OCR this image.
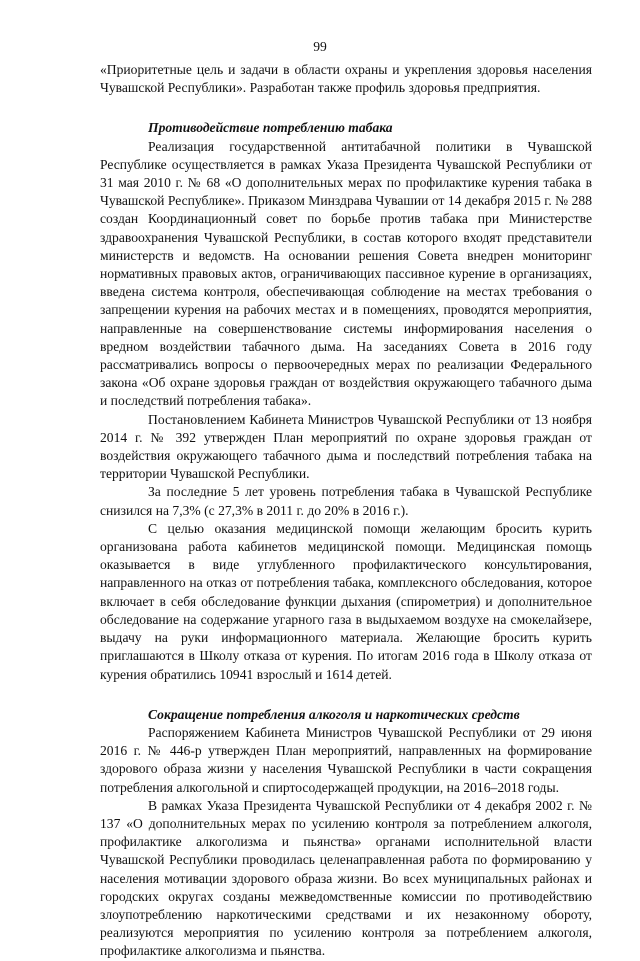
99

«Приоритетные цель и задачи в области охраны и укрепления здоровья населения Чувашской Республики». Разработан также профиль здоровья предприятия.

Противодействие потреблению табака

Реализация государственной антитабачной политики в Чувашской Республике осуществляется в рамках Указа Президента Чувашской Республики от 31 мая 2010 г. № 68 «О дополнительных мерах по профилактике курения табака в Чувашской Республике». Приказом Минздрава Чувашии от 14 декабря 2015 г. № 288 создан Координационный совет по борьбе против табака при Министерстве здравоохранения Чувашской Республики, в состав которого входят представители министерств и ведомств. На основании решения Совета внедрен мониторинг нормативных правовых актов, ограничивающих пассивное курение в организациях, введена система контроля, обеспечивающая соблюдение на местах требования о запрещении курения на рабочих местах и в помещениях, проводятся мероприятия, направленные на совершенствование системы информирования населения о вредном воздействии табачного дыма. На заседаниях Совета в 2016 году рассматривались вопросы о первоочередных мерах по реализации Федерального закона «Об охране здоровья граждан от воздействия окружающего табачного дыма и последствий потребления табака».

Постановлением Кабинета Министров Чувашской Республики от 13 ноября 2014 г. № 392 утвержден План мероприятий по охране здоровья граждан от воздействия окружающего табачного дыма и последствий потребления табака на территории Чувашской Республики.

За последние 5 лет уровень потребления табака в Чувашской Республике снизился на 7,3% (с 27,3% в 2011 г. до 20% в 2016 г.).

С целью оказания медицинской помощи желающим бросить курить организована работа кабинетов медицинской помощи. Медицинская помощь оказывается в виде углубленного профилактического консультирования, направленного на отказ от потребления табака, комплексного обследования, которое включает в себя обследование функции дыхания (спирометрия) и дополнительное обследование на содержание угарного газа в выдыхаемом воздухе на смокелайзере, выдачу на руки информационного материала. Желающие бросить курить приглашаются в Школу отказа от курения. По итогам 2016 года в Школу отказа от курения обратились 10941 взрослый и 1614 детей.

Сокращение потребления алкоголя и наркотических средств

Распоряжением Кабинета Министров Чувашской Республики от 29 июня 2016 г. № 446-р утвержден План мероприятий, направленных на формирование здорового образа жизни у населения Чувашской Республики в части сокращения потребления алкогольной и спиртосодержащей продукции, на 2016–2018 годы.

В рамках Указа Президента Чувашской Республики от 4 декабря 2002 г. № 137 «О дополнительных мерах по усилению контроля за потреблением алкоголя, профилактике алкоголизма и пьянства» органами исполнительной власти Чувашской Республики проводилась целенаправленная работа по формированию у населения мотивации здорового образа жизни. Во всех муниципальных районах и городских округах созданы межведомственные комиссии по противодействию злоупотреблению наркотическими средствами и их незаконному обороту, реализуются мероприятия по усилению контроля за потреблением алкоголя, профилактике алкоголизма и пьянства.
